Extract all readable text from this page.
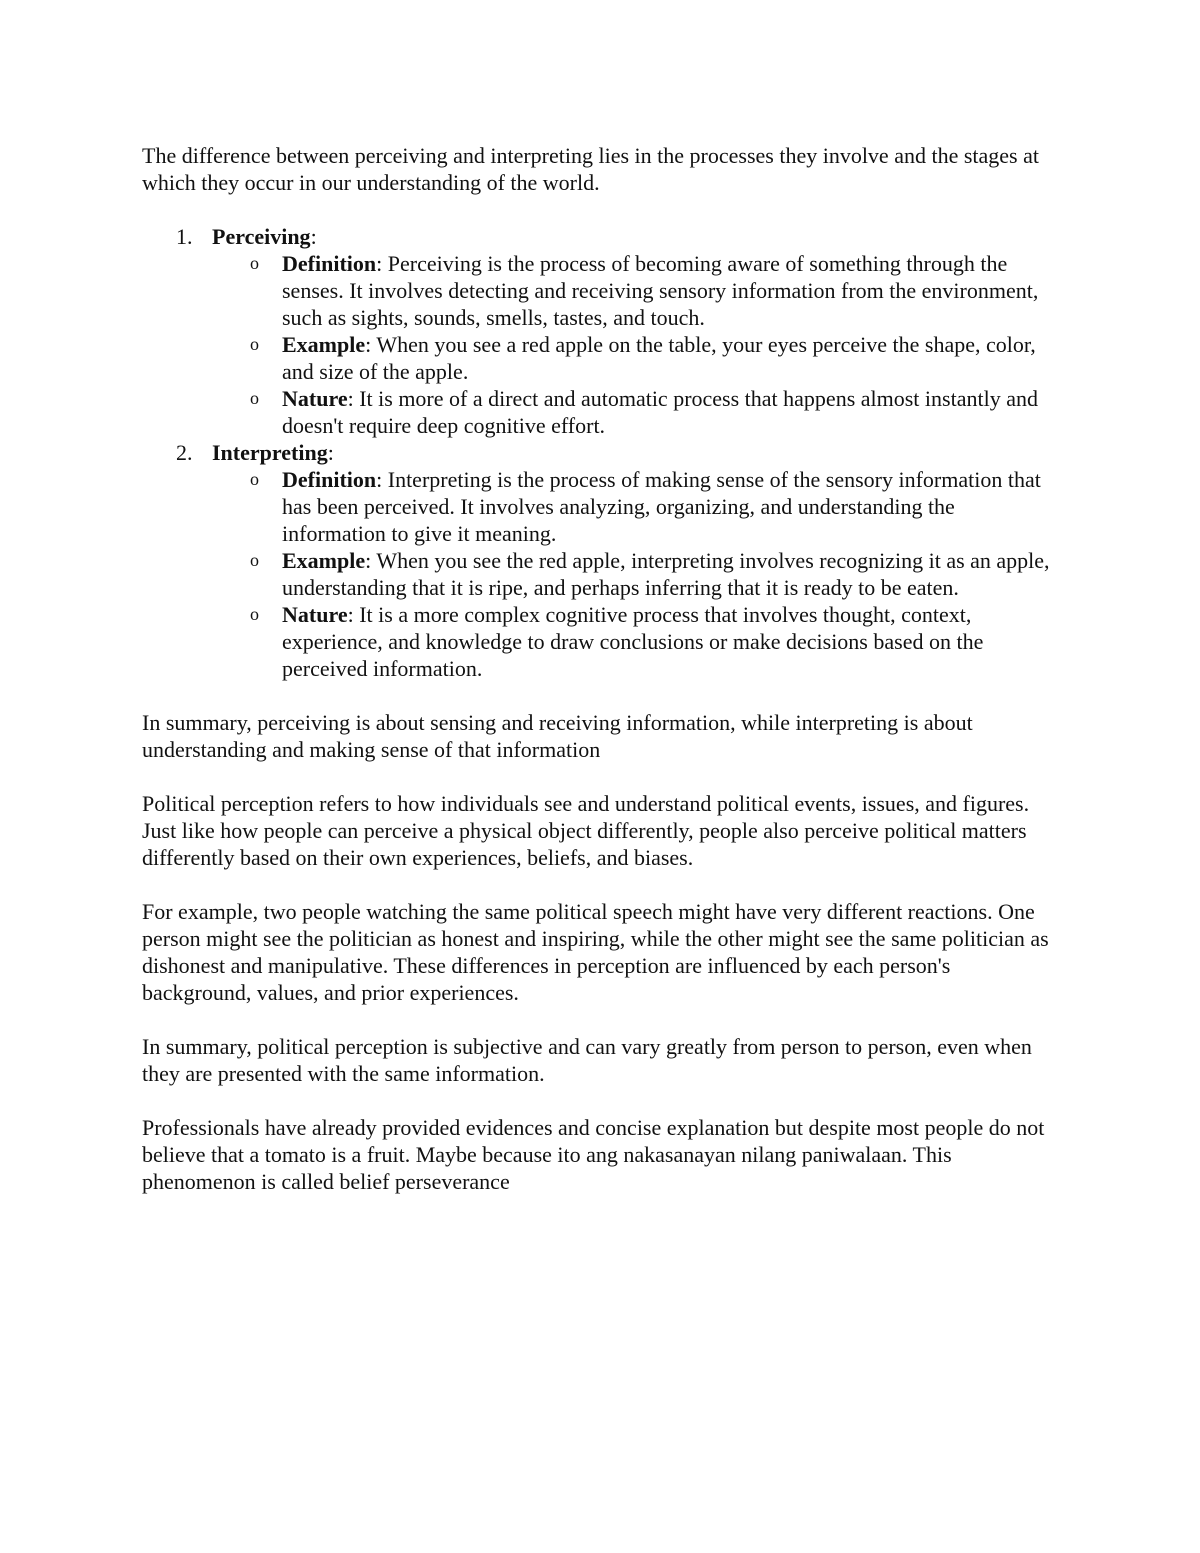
The difference between perceiving and interpreting lies in the processes they involve and the stages at which they occur in our understanding of the world.

1. Perceiving:
o Definition: Perceiving is the process of becoming aware of something through the senses. It involves detecting and receiving sensory information from the environment, such as sights, sounds, smells, tastes, and touch.
o Example: When you see a red apple on the table, your eyes perceive the shape, color, and size of the apple.
o Nature: It is more of a direct and automatic process that happens almost instantly and doesn't require deep cognitive effort.
2. Interpreting:
o Definition: Interpreting is the process of making sense of the sensory information that has been perceived. It involves analyzing, organizing, and understanding the information to give it meaning.
o Example: When you see the red apple, interpreting involves recognizing it as an apple, understanding that it is ripe, and perhaps inferring that it is ready to be eaten.
o Nature: It is a more complex cognitive process that involves thought, context, experience, and knowledge to draw conclusions or make decisions based on the perceived information.

In summary, perceiving is about sensing and receiving information, while interpreting is about understanding and making sense of that information

Political perception refers to how individuals see and understand political events, issues, and figures. Just like how people can perceive a physical object differently, people also perceive political matters differently based on their own experiences, beliefs, and biases.

For example, two people watching the same political speech might have very different reactions. One person might see the politician as honest and inspiring, while the other might see the same politician as dishonest and manipulative. These differences in perception are influenced by each person's background, values, and prior experiences.

In summary, political perception is subjective and can vary greatly from person to person, even when they are presented with the same information.

Professionals have already provided evidences and concise explanation but despite most people do not believe that a tomato is a fruit. Maybe because ito ang nakasanayan nilang paniwalaan. This phenomenon is called belief perseverance
